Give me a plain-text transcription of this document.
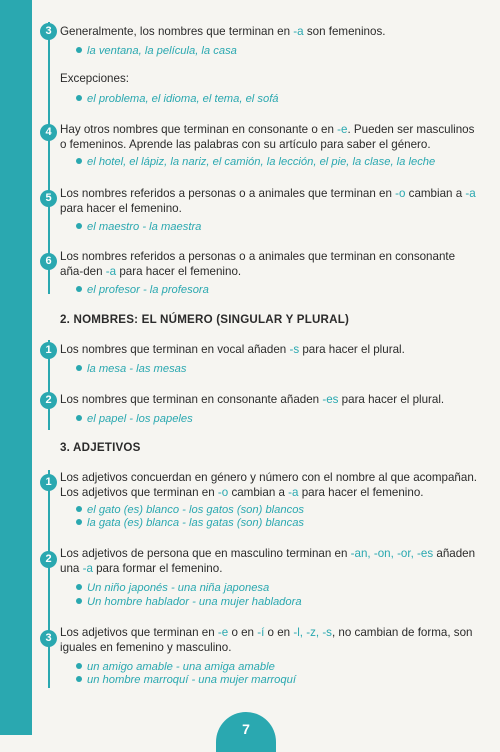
3 Generalmente, los nombres que terminan en -a son femeninos.
la ventana, la película, la casa
Excepciones:
el problema, el idioma, el tema, el sofá
4 Hay otros nombres que terminan en consonante o en -e. Pueden ser masculinos o femeninos. Aprende las palabras con su artículo para saber el género.
el hotel, el lápiz, la nariz, el camión, la lección, el pie, la clase, la leche
5 Los nombres referidos a personas o a animales que terminan en -o cambian a -a para hacer el femenino.
el maestro - la maestra
6 Los nombres referidos a personas o a animales que terminan en consonante aña-den -a para hacer el femenino.
el profesor - la profesora
2. NOMBRES: EL NÚMERO (SINGULAR Y PLURAL)
1 Los nombres que terminan en vocal añaden -s para hacer el plural.
la mesa - las mesas
2 Los nombres que terminan en consonante añaden -es para hacer el plural.
el papel - los papeles
3. ADJETIVOS
1 Los adjetivos concuerdan en género y número con el nombre al que acompañan. Los adjetivos que terminan en -o cambian a -a para hacer el femenino.
el gato (es) blanco - los gatos (son) blancos
la gata (es) blanca - las gatas (son) blancas
2 Los adjetivos de persona que en masculino terminan en -an, -on, -or, -es añaden una -a para formar el femenino.
Un niño japonés - una niña japonesa
Un hombre hablador - una mujer habladora
3 Los adjetivos que terminan en -e o en -í o en -l, -z, -s, no cambian de forma, son iguales en femenino y masculino.
un amigo amable - una amiga amable
un hombre marroquí - una mujer marroquí
7
